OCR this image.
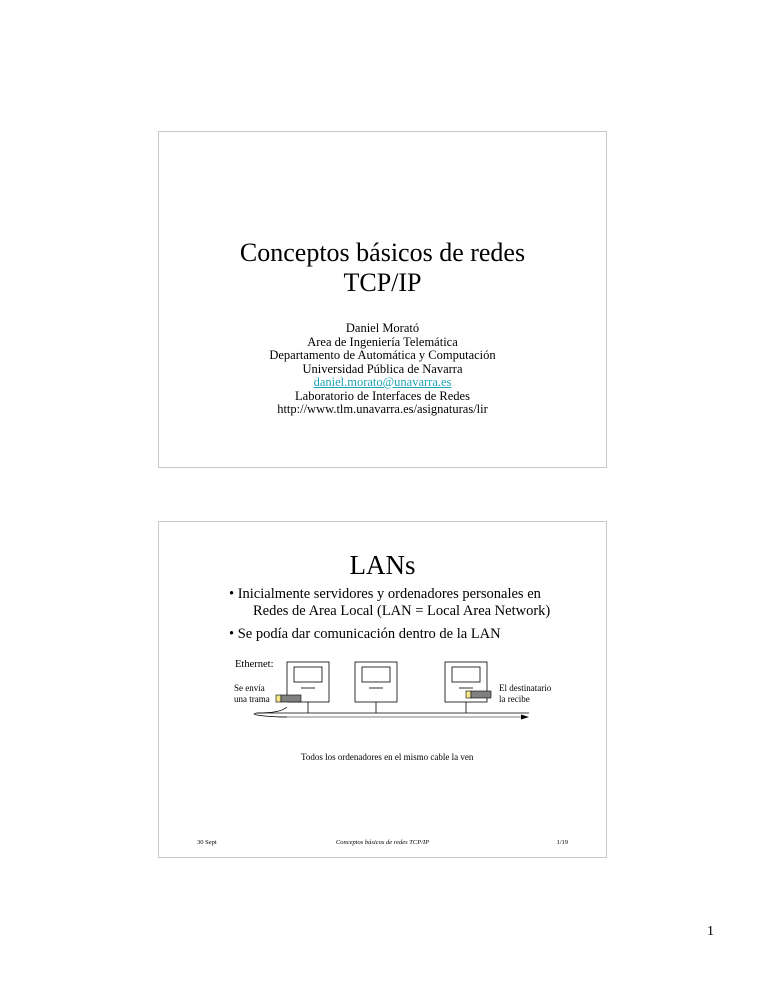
Conceptos básicos de redes
TCP/IP
Daniel Morató
Area de Ingeniería Telemática
Departamento de Automática y Computación
Universidad Pública de Navarra
daniel.morato@unavarra.es
Laboratorio de Interfaces de Redes
http://www.tlm.unavarra.es/asignaturas/lir
LANs
• Inicialmente servidores y ordenadores personales en
Redes de Area Local (LAN = Local Area Network)
• Se podía dar comunicación dentro de la LAN
Ethernet:
Se envía
una trama
El destinatario
la recibe
Todos los ordenadores en el mismo cable la ven
30 Sept	Conceptos básicos de redes TCP/IP	1/19
1
